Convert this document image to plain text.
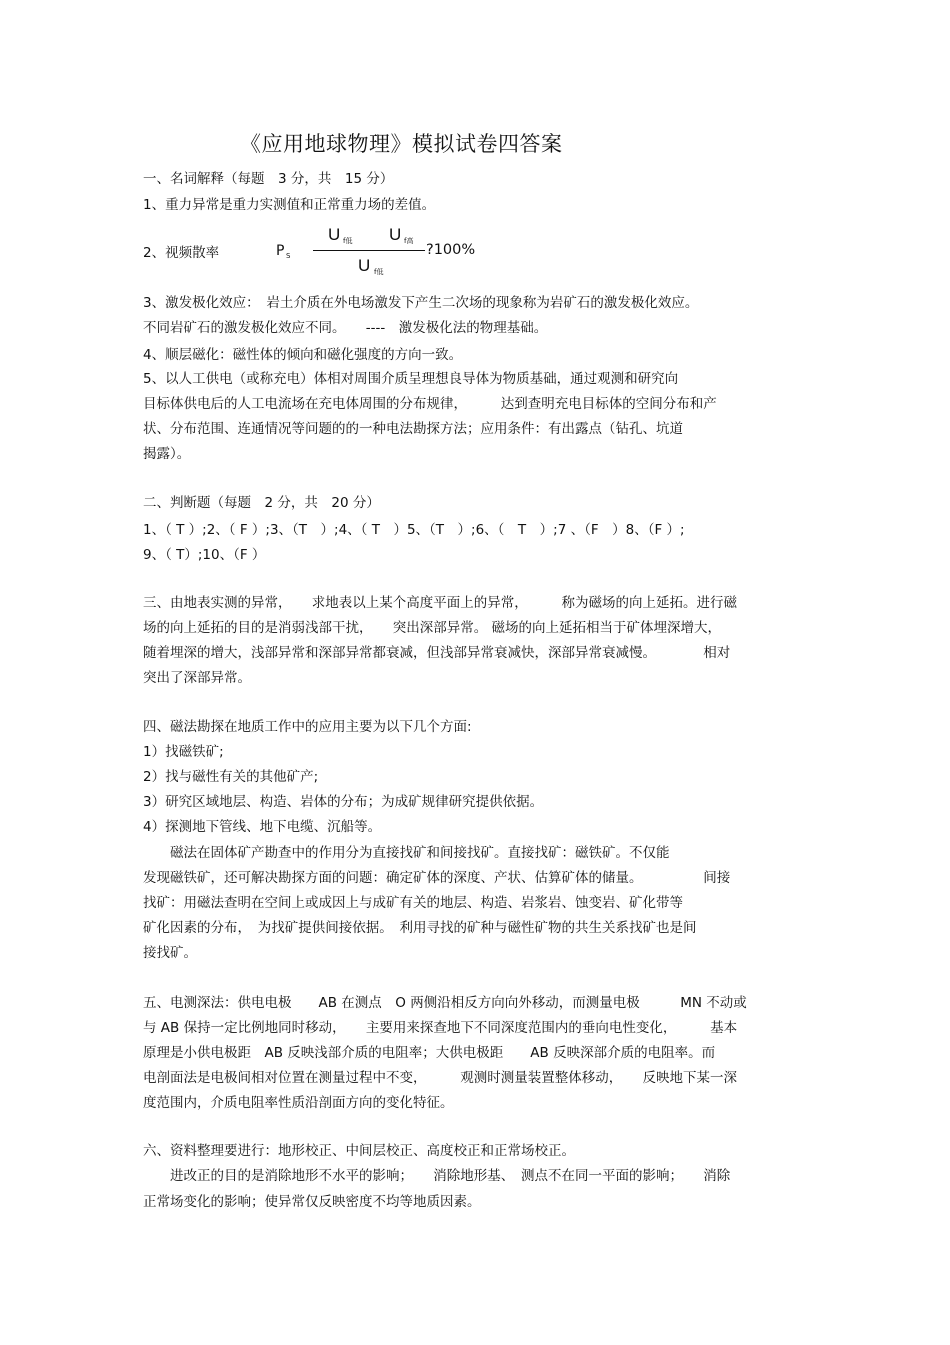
《应用地球物理》模拟试卷四答案
一、名词解释（每题　3 分，共　15 分）
1、重力异常是重力实测值和正常重力场的差值。
2、视频散率	P S
U f低 U f高
?100%
U f低
3、激发极化效应：　岩土介质在外电场激发下产生二次场的现象称为岩矿石的激发极化效应。
不同岩矿石的激发极化效应不同。　　----　激发极化法的物理基础。
4、顺层磁化：磁性体的倾向和磁化强度的方向一致。
5、以人工供电（或称充电）体相对周围介质呈理想良导体为物质基础，通过观测和研究向
目标体供电后的人工电流场在充电体周围的分布规律，　　　达到查明充电目标体的空间分布和产
状、分布范围、连通情况等问题的的一种电法勘探方法；应用条件：有出露点（钻孔、坑道
揭露）。
二、判断题（每题　2 分，共　20 分）
1、（ T ）;2、（ F ）;3、（T　）;4、（ T　）5、（T　）;6、（　T　）;7 、（F　）8、（F ）;
9、（ T）;10、（F ）
三、由地表实测的异常，　　求地表以上某个高度平面上的异常，　　　称为磁场的向上延拓。进行磁
场的向上延拓的目的是消弱浅部干扰，　　突出深部异常。 磁场的向上延拓相当于矿体埋深增大，
随着埋深的增大，浅部异常和深部异常都衰减，但浅部异常衰减快，深部异常衰减慢。　　　　相对
突出了深部异常。
四、磁法勘探在地质工作中的应用主要为以下几个方面:
1）找磁铁矿;
2）找与磁性有关的其他矿产;
3）研究区域地层、构造、岩体的分布；为成矿规律研究提供依据。
4）探测地下管线、地下电缆、沉船等。
　　磁法在固体矿产勘查中的作用分为直接找矿和间接找矿。直接找矿：磁铁矿。不仅能
发现磁铁矿，还可解决勘探方面的问题：确定矿体的深度、产状、估算矿体的储量。　　　　　间接
找矿：用磁法查明在空间上或成因上与成矿有关的地层、构造、岩浆岩、蚀变岩、矿化带等
矿化因素的分布，　为找矿提供间接依据。　利用寻找的矿种与磁性矿物的共生关系找矿也是间
接找矿。
五、电测深法：供电电极　　AB 在测点　O 两侧沿相反方向向外移动，而测量电极　　　MN 不动或
与 AB 保持一定比例地同时移动，　　主要用来探查地下不同深度范围内的垂向电性变化，　　　基本
原理是小供电极距　AB 反映浅部介质的电阻率；大供电极距　　AB 反映深部介质的电阻率。而
电剖面法是电极间相对位置在测量过程中不变，　　　观测时测量装置整体移动，　　反映地下某一深
度范围内，介质电阻率性质沿剖面方向的变化特征。
六、资料整理要进行：地形校正、中间层校正、高度校正和正常场校正。
　　进改正的目的是消除地形不水平的影响；　　消除地形基、　测点不在同一平面的影响；　　消除
正常场变化的影响；使异常仅反映密度不均等地质因素。
